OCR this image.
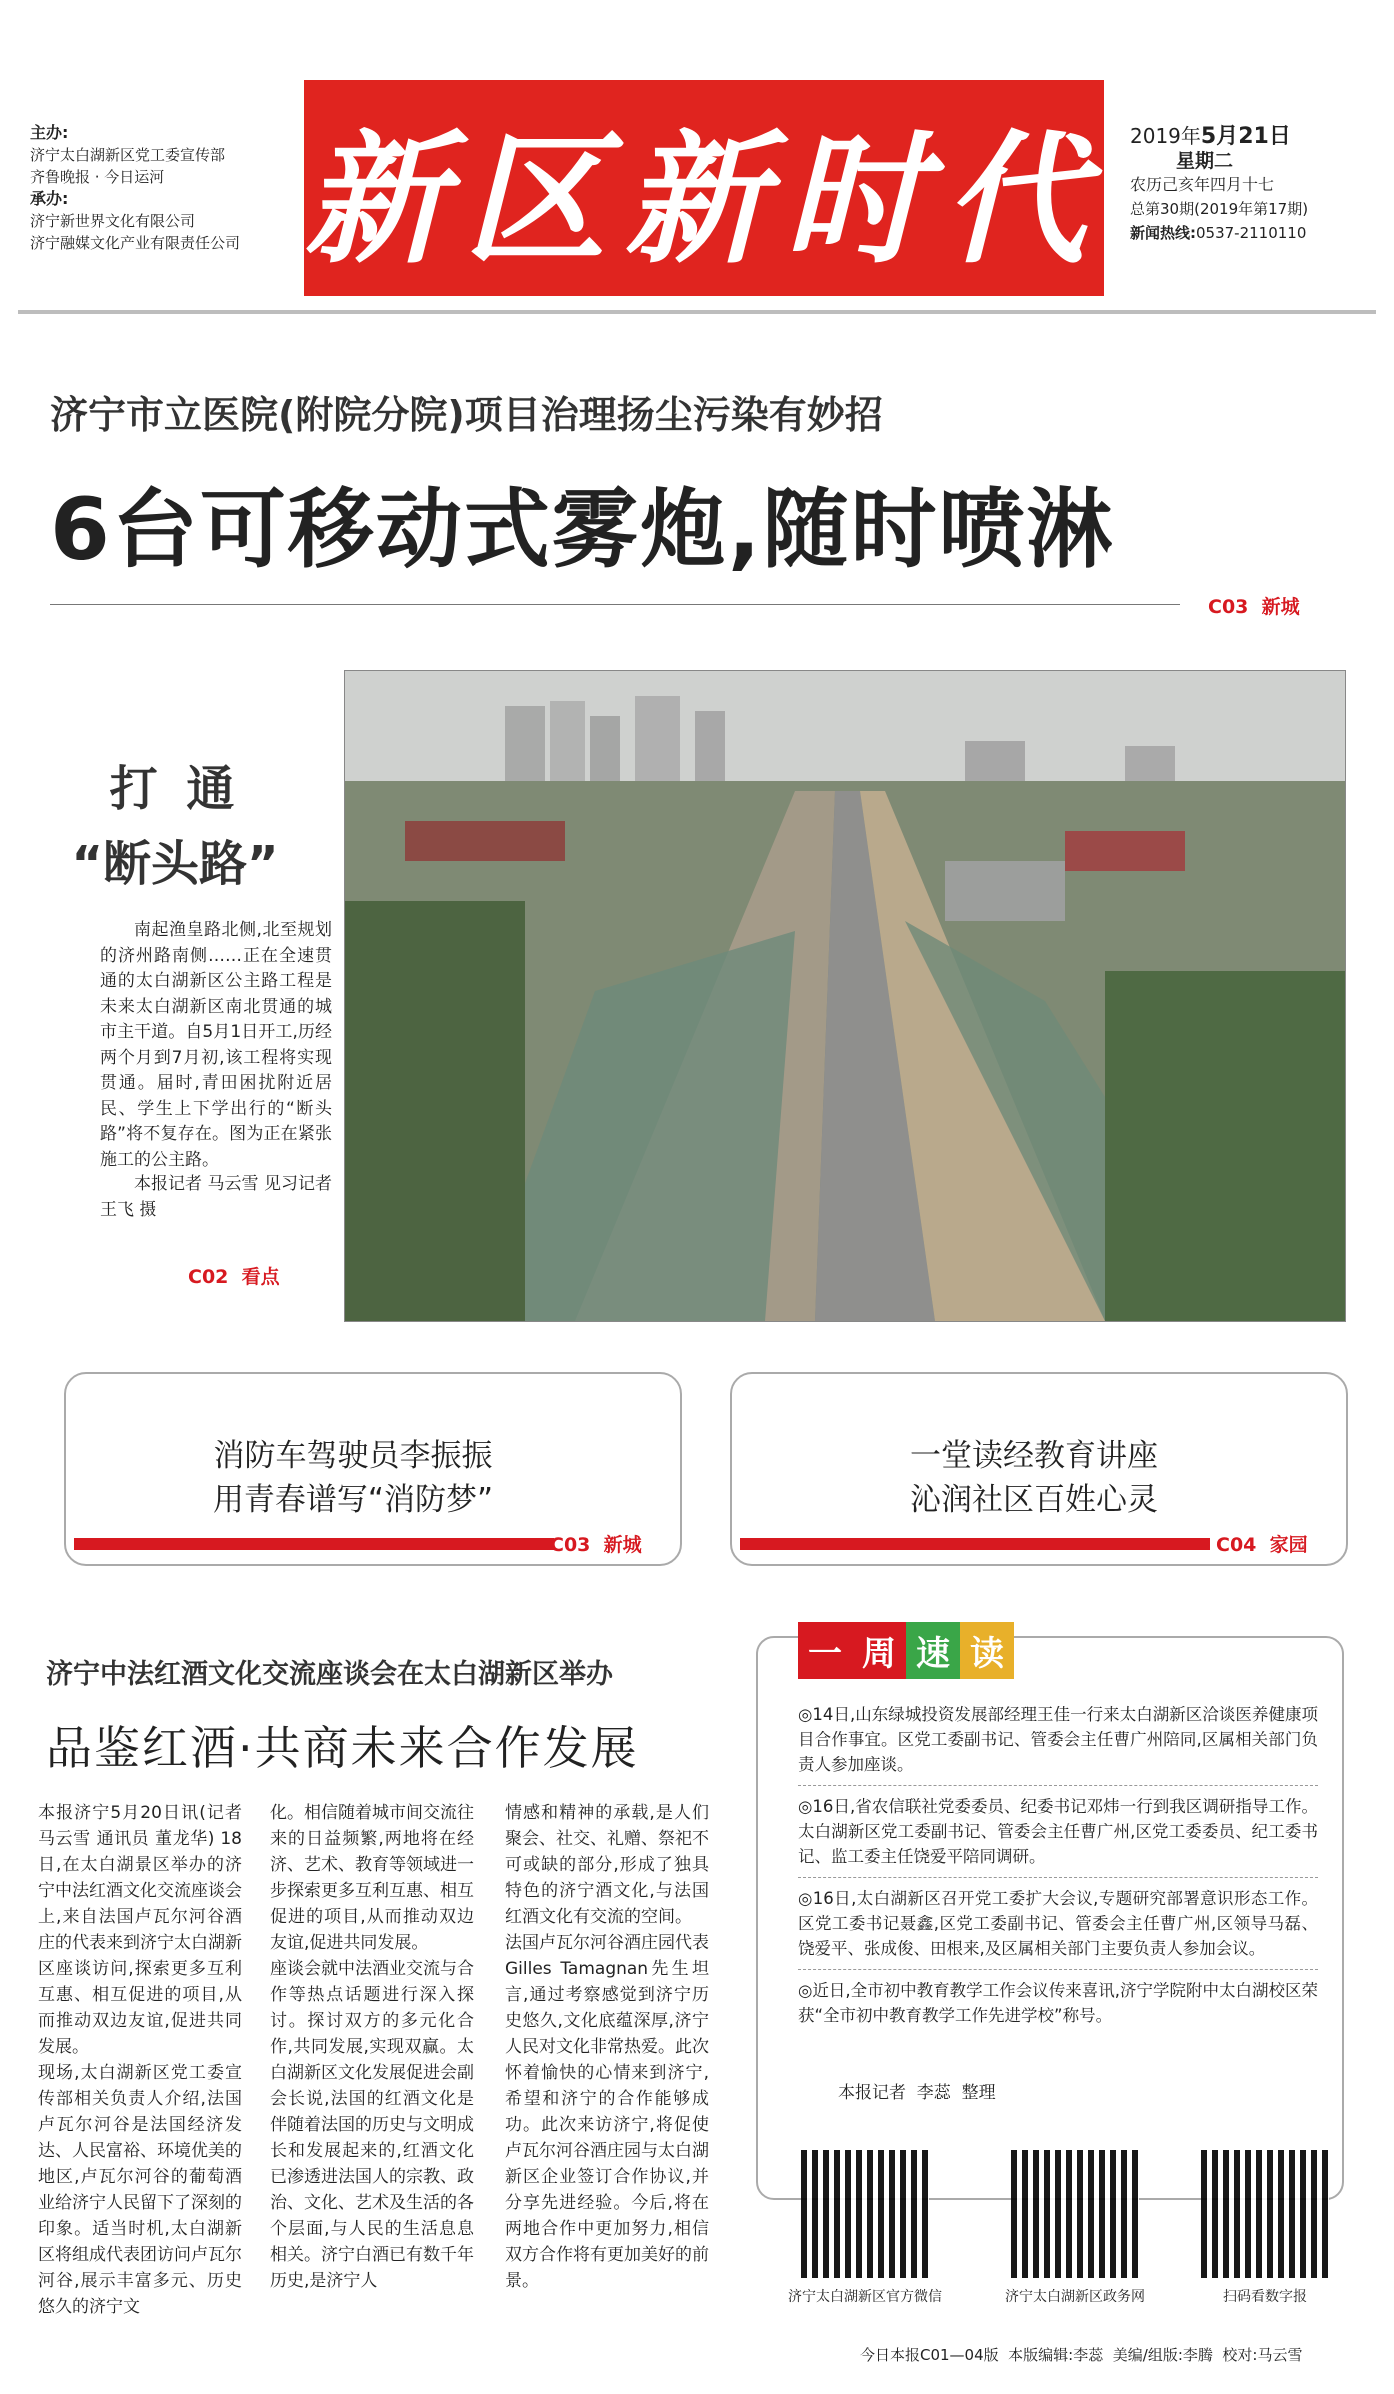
主办:
济宁太白湖新区党工委宣传部
齐鲁晚报 · 今日运河
承办:
济宁新世界文化有限公司
济宁融媒文化产业有限责任公司 新区新时代 2019年5月21日
星期二
农历己亥年四月十七
总第30期(2019年第17期)
新闻热线:0537-2110110
济宁市立医院(附院分院)项目治理扬尘污染有妙招
6台可移动式雾炮,随时喷淋
C03  新城
打 通
“断头路”
南起渔皇路北侧,北至规划的济州路南侧……正在全速贯通的太白湖新区公主路工程是未来太白湖新区南北贯通的城市主干道。自5月1日开工,历经两个月到7月初,该工程将实现贯通。届时,青田困扰附近居民、学生上下学出行的“断头路”将不复存在。图为正在紧张施工的公主路。
本报记者 马云雪 见习记者 王飞 摄
C02  看点
消防车驾驶员李振振
用青春谱写“消防梦”
C03  新城
一堂读经教育讲座
沁润社区百姓心灵
C04  家园
济宁中法红酒文化交流座谈会在太白湖新区举办
品鉴红酒·共商未来合作发展
本报济宁5月20日讯(记者 马云雪 通讯员 董龙华) 18日,在太白湖景区举办的济宁中法红酒文化交流座谈会上,来自法国卢瓦尔河谷酒庄的代表来到济宁太白湖新区座谈访问,探索更多互利互惠、相互促进的项目,从而推动双边友谊,促进共同发展。
现场,太白湖新区党工委宣传部相关负责人介绍,法国卢瓦尔河谷是法国经济发达、人民富裕、环境优美的地区,卢瓦尔河谷的葡萄酒业给济宁人民留下了深刻的印象。适当时机,太白湖新区将组成代表团访问卢瓦尔河谷,展示丰富多元、历史悠久的济宁文
化。相信随着城市间交流往来的日益频繁,两地将在经济、艺术、教育等领域进一步探索更多互利互惠、相互促进的项目,从而推动双边友谊,促进共同发展。
座谈会就中法酒业交流与合作等热点话题进行深入探讨。探讨双方的多元化合作,共同发展,实现双赢。太白湖新区文化发展促进会副会长说,法国的红酒文化是伴随着法国的历史与文明成长和发展起来的,红酒文化已渗透进法国人的宗教、政治、文化、艺术及生活的各个层面,与人民的生活息息相关。济宁白酒已有数千年历史,是济宁人
情感和精神的承载,是人们聚会、社交、礼赠、祭祀不可或缺的部分,形成了独具特色的济宁酒文化,与法国红酒文化有交流的空间。
法国卢瓦尔河谷酒庄园代表Gilles Tamagnan先生坦言,通过考察感觉到济宁历史悠久,文化底蕴深厚,济宁人民对文化非常热爱。此次怀着愉快的心情来到济宁,希望和济宁的合作能够成功。此次来访济宁,将促使卢瓦尔河谷酒庄园与太白湖新区企业签订合作协议,并分享先进经验。今后,将在两地合作中更加努力,相信双方合作将有更加美好的前景。
一 周 速 读

◎14日,山东绿城投资发展部经理王佳一行来太白湖新区洽谈医养健康项目合作事宜。区党工委副书记、管委会主任曹广州陪同,区属相关部门负责人参加座谈。

◎16日,省农信联社党委委员、纪委书记邓炜一行到我区调研指导工作。太白湖新区党工委副书记、管委会主任曹广州,区党工委委员、纪工委书记、监工委主任饶爱平陪同调研。

◎16日,太白湖新区召开党工委扩大会议,专题研究部署意识形态工作。区党工委书记聂鑫,区党工委副书记、管委会主任曹广州,区领导马磊、饶爱平、张成俊、田根来,及区属相关部门主要负责人参加会议。

◎近日,全市初中教育教学工作会议传来喜讯,济宁学院附中太白湖校区荣获“全市初中教育教学工作先进学校”称号。

本报记者  李蕊  整理
济宁太白湖新区官方微信	济宁太白湖新区政务网	扫码看数字报
今日本报C01—04版  本版编辑:李蕊  美编/组版:李腾  校对:马云雪
